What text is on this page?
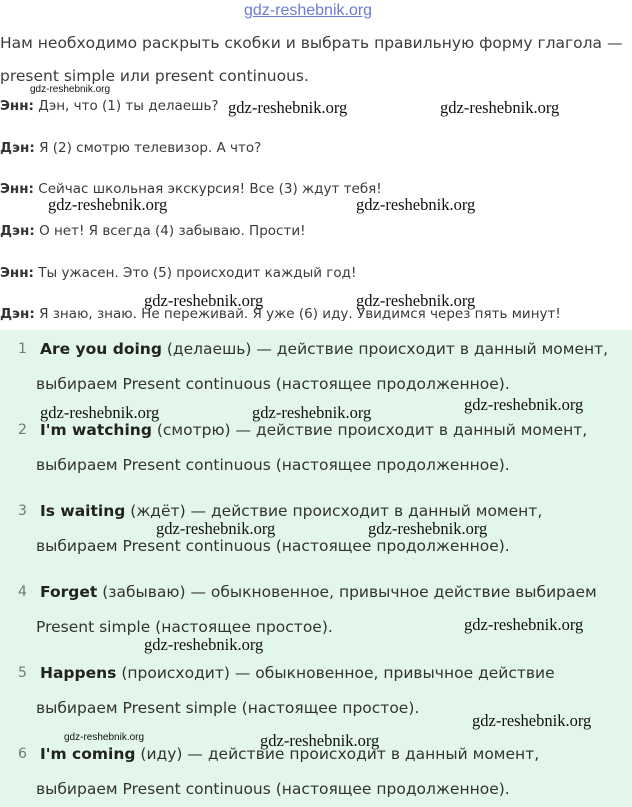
gdz-reshebnik.org
Нам необходимо раскрыть скобки и выбрать правильную форму глагола —
present simple или present continuous.
Энн: Дэн, что (1) ты делаешь?
Дэн: Я (2) смотрю телевизор. А что?
Энн: Сейчас школьная экскурсия! Все (3) ждут тебя!
Дэн: О нет! Я всегда (4) забываю. Прости!
Энн: Ты ужасен. Это (5) происходит каждый год!
Дэн: Я знаю, знаю. Не переживай. Я уже (6) иду. Увидимся через пять минут!
1 Are you doing (делаешь) — действие происходит в данный момент,
выбираем Present continuous (настоящее продолженное).
2 I'm watching (смотрю) — действие происходит в данный момент,
выбираем Present continuous (настоящее продолженное).
3 Is waiting (ждёт) — действие происходит в данный момент,
выбираем Present continuous (настоящее продолженное).
4 Forget (забываю) — обыкновенное, привычное действие выбираем
Present simple (настоящее простое).
5 Happens (происходит) — обыкновенное, привычное действие
выбираем Present simple (настоящее простое).
6 I'm coming (иду) — действие происходит в данный момент,
выбираем Present continuous (настоящее продолженное).
gdz-reshebnik.org
gdz-reshebnik.org	gdz-reshebnik.org
gdz-reshebnik.org	gdz-reshebnik.org
gdz-reshebnik.org	gdz-reshebnik.org
gdz-reshebnik.org
gdz-reshebnik.org	gdz-reshebnik.org
gdz-reshebnik.org	gdz-reshebnik.org
gdz-reshebnik.org
gdz-reshebnik.org
gdz-reshebnik.org
gdz-reshebnik.org	gdz-reshebnik.org
